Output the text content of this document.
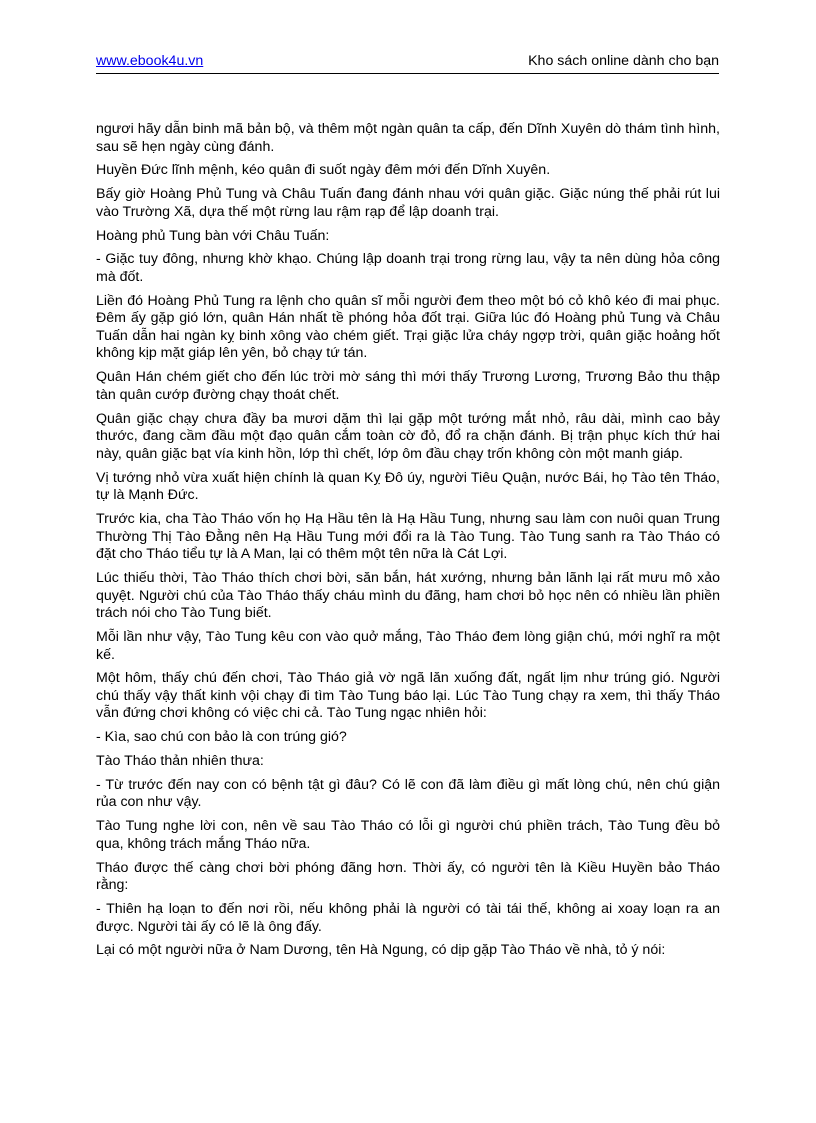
www.ebook4u.vn	Kho sách online dành cho bạn

ngươi hãy dẫn binh mã bản bộ, và thêm một ngàn quân ta cấp, đến Dĩnh Xuyên dò thám tình hình, sau sẽ hẹn ngày cùng đánh.

Huyền Đức lĩnh mệnh, kéo quân đi suốt ngày đêm mới đến Dĩnh Xuyên.

Bấy giờ Hoàng Phủ Tung và Châu Tuấn đang đánh nhau với quân giặc. Giặc núng thế phải rút lui vào Trường Xã, dựa thế một rừng lau rậm rạp để lập doanh trại.

Hoàng phủ Tung bàn với Châu Tuấn:

- Giặc tuy đông, nhưng khờ khạo. Chúng lập doanh trại trong rừng lau, vậy ta nên dùng hỏa công mà đốt.

Liền đó Hoàng Phủ Tung ra lệnh cho quân sĩ mỗi người đem theo một bó cỏ khô kéo đi mai phục. Đêm ấy gặp gió lớn, quân Hán nhất tề phóng hỏa đốt trại. Giữa lúc đó Hoàng phủ Tung và Châu Tuấn dẫn hai ngàn kỵ binh xông vào chém giết. Trại giặc lửa cháy ngợp trời, quân giặc hoảng hốt không kịp mặt giáp lên yên, bỏ chạy tứ tán.

Quân Hán chém giết cho đến lúc trời mờ sáng thì mới thấy Trương Lương, Trương Bảo thu thập tàn quân cướp đường chạy thoát chết.

Quân giặc chạy chưa đầy ba mươi dặm thì lại gặp một tướng mắt nhỏ, râu dài, mình cao bảy thước, đang cầm đầu một đạo quân cắm toàn cờ đỏ, đổ ra chặn đánh. Bị trận phục kích thứ hai này, quân giặc bạt vía kinh hồn, lớp thì chết, lớp ôm đầu chạy trốn không còn một manh giáp.

Vị tướng nhỏ vừa xuất hiện chính là quan Kỵ Đô úy, người Tiêu Quận, nước Bái, họ Tào tên Tháo, tự là Mạnh Đức.

Trước kia, cha Tào Tháo vốn họ Hạ Hầu tên là Hạ Hầu Tung, nhưng sau làm con nuôi quan Trung Thường Thị Tào Đằng nên Hạ Hầu Tung mới đổi ra là Tào Tung. Tào Tung sanh ra Tào Tháo có đặt cho Tháo tiểu tự là A Man, lại có thêm một tên nữa là Cát Lợi.

Lúc thiếu thời, Tào Tháo thích chơi bời, săn bắn, hát xướng, nhưng bản lãnh lại rất mưu mô xảo quyệt. Người chú của Tào Tháo thấy cháu mình du đãng, ham chơi bỏ học nên có nhiều lần phiền trách nói cho Tào Tung biết.

Mỗi lần như vậy, Tào Tung kêu con vào quở mắng, Tào Tháo đem lòng giận chú, mới nghĩ ra một kế.

Một hôm, thấy chú đến chơi, Tào Tháo giả vờ ngã lăn xuống đất, ngất lịm như trúng gió. Người chú thấy vậy thất kinh vội chạy đi tìm Tào Tung báo lại. Lúc Tào Tung chạy ra xem, thì thấy Tháo vẫn đứng chơi không có việc chi cả. Tào Tung ngạc nhiên hỏi:

- Kìa, sao chú con bảo là con trúng gió?

Tào Tháo thản nhiên thưa:

- Từ trước đến nay con có bệnh tật gì đâu? Có lẽ con đã làm điều gì mất lòng chú, nên chú giận rủa con như vậy.

Tào Tung nghe lời con, nên về sau Tào Tháo có lỗi gì người chú phiền trách, Tào Tung đều bỏ qua, không trách mắng Tháo nữa.

Tháo được thế càng chơi bời phóng đãng hơn. Thời ấy, có người tên là Kiều Huyền bảo Tháo rằng:

- Thiên hạ loạn to đến nơi rồi, nếu không phải là người có tài tái thế, không ai xoay loạn ra an được. Người tài ấy có lẽ là ông đấy.

Lại có một người nữa ở Nam Dương, tên Hà Ngung, có dịp gặp Tào Tháo về nhà, tỏ ý nói:
